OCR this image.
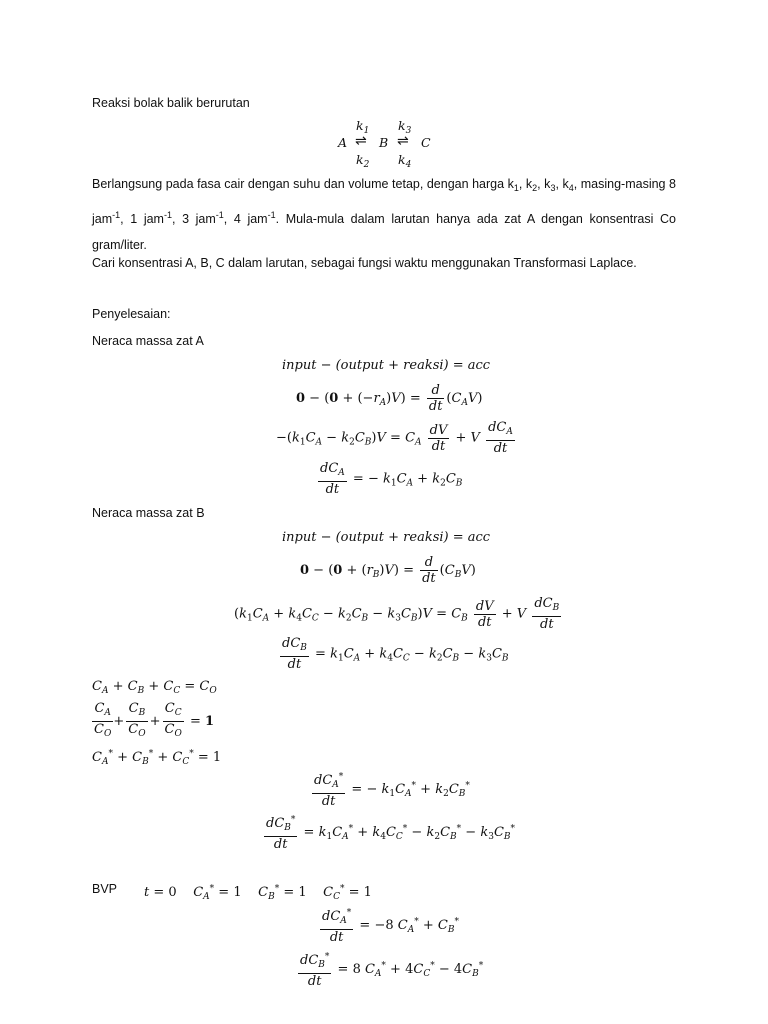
Reaksi bolak balik berurutan
$k_1$ $k_3$
A ⇌ B ⇌ C
$k_2$ $k_4$
Berlangsung pada fasa cair dengan suhu dan volume tetap, dengan harga $k_1$, $k_2$, $k_3$, $k_4$, masing-masing 8 jam$^{-1}$, 1 jam$^{-1}$, 3 jam$^{-1}$, 4 jam$^{-1}$. Mula-mula dalam larutan hanya ada zat A dengan konsentrasi Co gram/liter.
Cari konsentrasi A, B, C dalam larutan, sebagai fungsi waktu menggunakan Transformasi Laplace.
Penyelesaian:
Neraca massa zat A
input − (output + reaksi) = acc
$0 - (0 + (-r_A)V) = \frac{d}{dt} (C_AV)$
$-(k_1C_A - k_2C_B)V = C_A \frac{dV}{dt} + V \frac{dC_A}{dt}$
$\frac{dC_A}{dt}$ = − $k_1C_A + k_2C_B$
Neraca massa zat B
input − (output + reaksi) = acc
$0 - (0 + (r_B)V) = \frac{d}{dt} (C_BV)$
$(k_1C_A + k_4C_C - k_2C_B - k_3C_B)V = C_B \frac{dV}{dt} + V \frac{dC_B}{dt}$
$\frac{dC_B}{dt} = k_1C_A + k_4C_C - k_2C_B - k_3C_B$
$C_A + C_B + C_C = C_O$
$\frac{C_A}{C_O} + \frac{C_B}{C_O} + \frac{C_C}{C_O} = 1$
$C_A^* + C_B^* + C_C^* = 1$
$\frac{dC_A^*}{dt}$ = − $k_1C_A^* + k_2C_B^*$
$\frac{dC_B^*}{dt} = k_1C_A^* + k_4C_C^* - k_2C_B^* - k_3C_B^*$
BVP t = 0    $C_A^* = 1$    $C_B^* = 1$    $C_C^* = 1$
$\frac{dC_A^*}{dt} = -8$ $C_A^* + C_B^*$
$\frac{dC_B^*}{dt} = 8$ $C_A^* + 4C_C^* - 4C_B^*$
